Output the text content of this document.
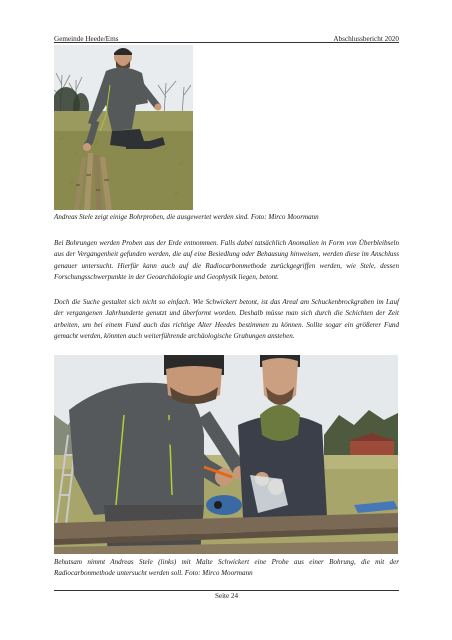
Gemeinde Heede/Ems	Abschlussbericht 2020
Andreas Stele zeigt einige Bohrproben, die ausgewertet werden sind. Foto: Mirco Moormann

Bei Bohrungen werden Proben aus der Erde entnommen. Falls dabei tatsächlich Anomalien in Form von Überbleibseln aus der Vergangenheit gefunden werden, die auf eine Besiedlung oder Behausung hinweisen, werden diese im Anschluss genauer untersucht. Hierfür kann auch auf die Radiocarbonmethode zurückgegriffen werden, wie Stele, dessen Forschungsschwerpunkte in der Geoarchäologie und Geophysik liegen, betont.

Doch die Suche gestaltet sich nicht so einfach. Wie Schwickert betont, ist das Areal am Schuckenbrockgraben im Lauf der vergangenen Jahrhunderte genutzt und überformt worden. Deshalb müsse man sich durch die Schichten der Zeit arbeiten, um bei einem Fund auch das richtige Alter Heedes bestimmen zu können. Sollte sogar ein größerer Fund gemacht werden, könnten auch weiterführende archäologische Grabungen anstehen.

Behutsam nimmt Andreas Stele (links) mit Malte Schwickert eine Probe aus einer Bohrung, die mit der Radiocarbonmethode untersucht werden soll. Foto: Mirco Moormann
Seite 24
